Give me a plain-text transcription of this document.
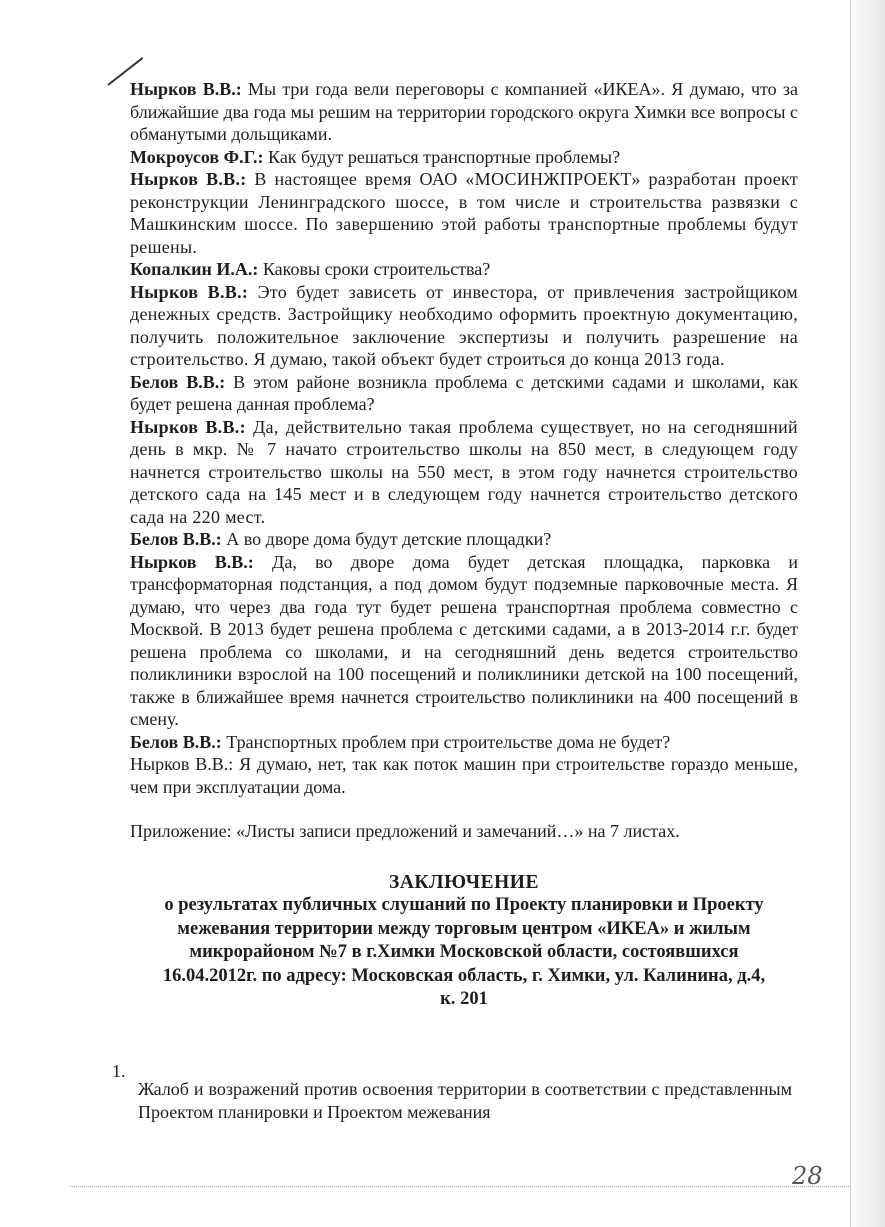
Нырков В.В.: Мы три года вели переговоры с компанией «ИКЕА». Я думаю, что за ближайшие два года мы решим на территории городского округа Химки все вопросы с обманутыми дольщиками.

Мокроусов Ф.Г.: Как будут решаться транспортные проблемы?

Нырков В.В.: В настоящее время ОАО «МОСИНЖПРОЕКТ» разработан проект реконструкции Ленинградского шоссе, в том числе и строительства развязки с Машкинским шоссе. По завершению этой работы транспортные проблемы будут решены.

Копалкин И.А.: Каковы сроки строительства?

Нырков В.В.: Это будет зависеть от инвестора, от привлечения застройщиком денежных средств. Застройщику необходимо оформить проектную документацию, получить положительное заключение экспертизы и получить разрешение на строительство. Я думаю, такой объект будет строиться до конца 2013 года.

Белов В.В.: В этом районе возникла проблема с детскими садами и школами, как будет решена данная проблема?

Нырков В.В.: Да, действительно такая проблема существует, но на сегодняшний день в мкр. № 7 начато строительство школы на 850 мест, в следующем году начнется строительство школы на 550 мест, в этом году начнется строительство детского сада на 145 мест и в следующем году начнется строительство детского сада на 220 мест.

Белов В.В.: А во дворе дома будут детские площадки?

Нырков В.В.: Да, во дворе дома будет детская площадка, парковка и трансформаторная подстанция, а под домом будут подземные парковочные места. Я думаю, что через два года тут будет решена транспортная проблема совместно с Москвой. В 2013 будет решена проблема с детскими садами, а в 2013-2014 г.г. будет решена проблема со школами, и на сегодняшний день ведется строительство поликлиники взрослой на 100 посещений и поликлиники детской на 100 посещений, также в ближайшее время начнется строительство поликлиники на 400 посещений в смену.

Белов В.В.: Транспортных проблем при строительстве дома не будет?

Нырков В.В.: Я думаю, нет, так как поток машин при строительстве гораздо меньше, чем при эксплуатации дома.

Приложение: «Листы записи предложений и замечаний…» на 7 листах.

ЗАКЛЮЧЕНИЕ

о результатах публичных слушаний по Проекту планировки и Проекту

межевания территории между торговым центром «ИКЕА» и жилым

микрорайоном №7 в г.Химки Московской области, состоявшихся

16.04.2012г. по адресу: Московская область, г. Химки, ул. Калинина, д.4,

к. 201

1.

Жалоб и возражений против освоения территории в соответствии с представленным Проектом планировки и Проектом межевания

28
